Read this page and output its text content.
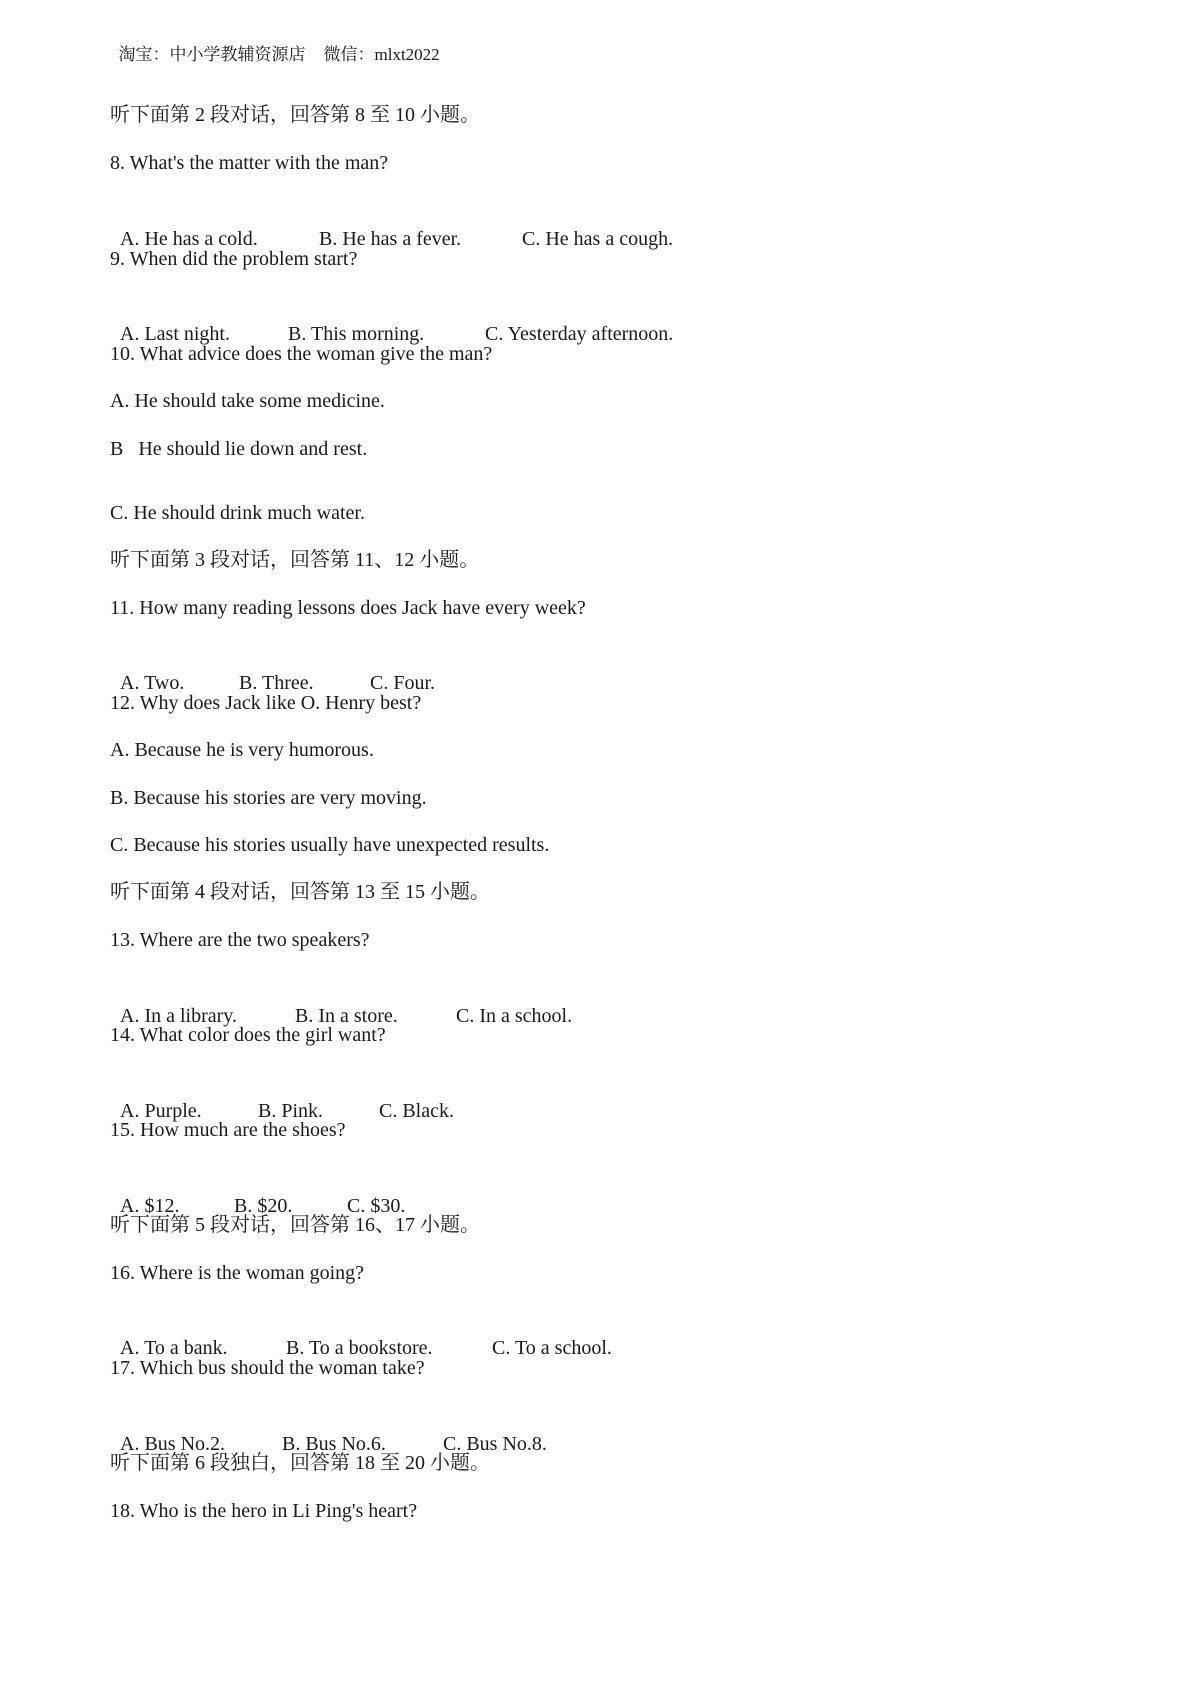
淘宝：中小学教辅资源店 微信：mlxt2022

听下面第 2 段对话，回答第 8 至 10 小题。
8. What's the matter with the man?

A. He has a cold.	B. He has a fever.	C. He has a cough.

9. When did the problem start?

A. Last night.	B. This morning.	C. Yesterday afternoon.

10. What advice does the woman give the man?
A. He should take some medicine.
B   He should lie down and rest.
C. He should drink much water.
听下面第 3 段对话，回答第 11、12 小题。
11. How many reading lessons does Jack have every week?

A. Two.	B. Three.	C. Four.

12. Why does Jack like O. Henry best?
A. Because he is very humorous.
B. Because his stories are very moving.
C. Because his stories usually have unexpected results.
听下面第 4 段对话，回答第 13 至 15 小题。
13. Where are the two speakers?

A. In a library.	B. In a store.	C. In a school.

14. What color does the girl want?

A. Purple.	B. Pink.	C. Black.

15. How much are the shoes?

A. $12.	B. $20.	C. $30.

听下面第 5 段对话，回答第 16、17 小题。
16. Where is the woman going?

A. To a bank.	B. To a bookstore.	C. To a school.

17. Which bus should the woman take?

A. Bus No.2.	B. Bus No.6.	C. Bus No.8.

听下面第 6 段独白，回答第 18 至 20 小题。
18. Who is the hero in Li Ping's heart?
